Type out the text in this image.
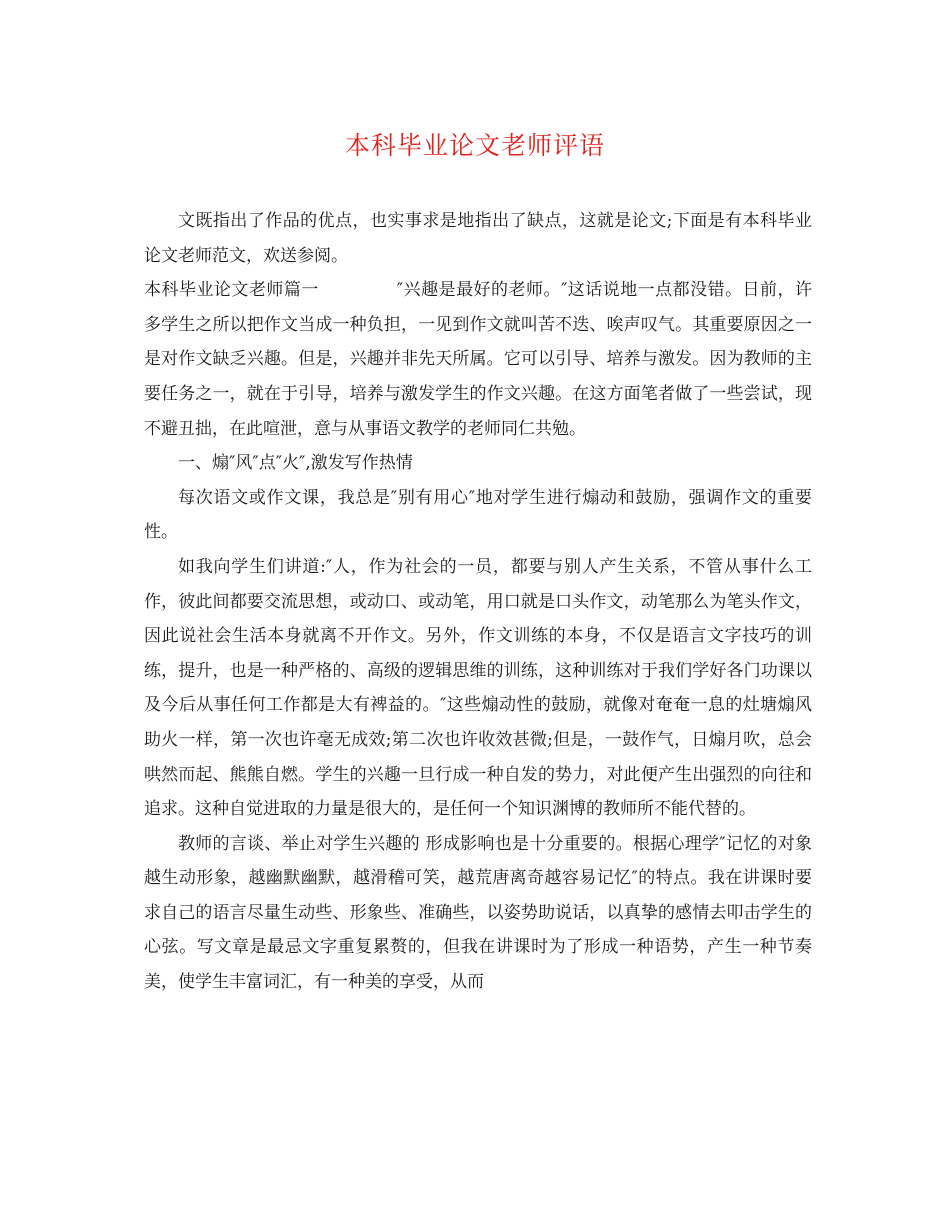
本科毕业论文老师评语

文既指出了作品的优点，也实事求是地指出了缺点，这就是论文;下面是有本科毕业论文老师范文，欢送参阅。

本科毕业论文老师篇一	″兴趣是最好的老师。″这话说地一点都没错。日前，许多学生之所以把作文当成一种负担，一见到作文就叫苦不迭、唉声叹气。其重要原因之一是对作文缺乏兴趣。但是，兴趣并非先天所属。它可以引导、培养与激发。因为教师的主要任务之一，就在于引导，培养与激发学生的作文兴趣。在这方面笔者做了一些尝试，现不避丑拙，在此喧泄，意与从事语文教学的老师同仁共勉。

一、煽″风″点″火″,激发写作热情

每次语文或作文课，我总是″别有用心″地对学生进行煽动和鼓励，强调作文的重要性。

如我向学生们讲道:″人，作为社会的一员，都要与别人产生关系，不管从事什么工作，彼此间都要交流思想，或动口、或动笔，用口就是口头作文，动笔那么为笔头作文，因此说社会生活本身就离不开作文。另外，作文训练的本身，不仅是语言文字技巧的训练，提升，也是一种严格的、高级的逻辑思维的训练，这种训练对于我们学好各门功课以及今后从事任何工作都是大有裨益的。″这些煽动性的鼓励，就像对奄奄一息的灶塘煽风助火一样，第一次也许毫无成效;第二次也许收效甚微;但是，一鼓作气，日煽月吹，总会哄然而起、熊熊自燃。学生的兴趣一旦行成一种自发的势力，对此便产生出强烈的向往和追求。这种自觉进取的力量是很大的，是任何一个知识渊博的教师所不能代替的。

教师的言谈、举止对学生兴趣的 形成影响也是十分重要的。根据心理学″记忆的对象越生动形象，越幽默幽默，越滑稽可笑，越荒唐离奇越容易记忆″的特点。我在讲课时要求自己的语言尽量生动些、形象些、准确些，以姿势助说话，以真挚的感情去叩击学生的心弦。写文章是最忌文字重复累赘的，但我在讲课时为了形成一种语势，产生一种节奏美，使学生丰富词汇，有一种美的享受，从而
